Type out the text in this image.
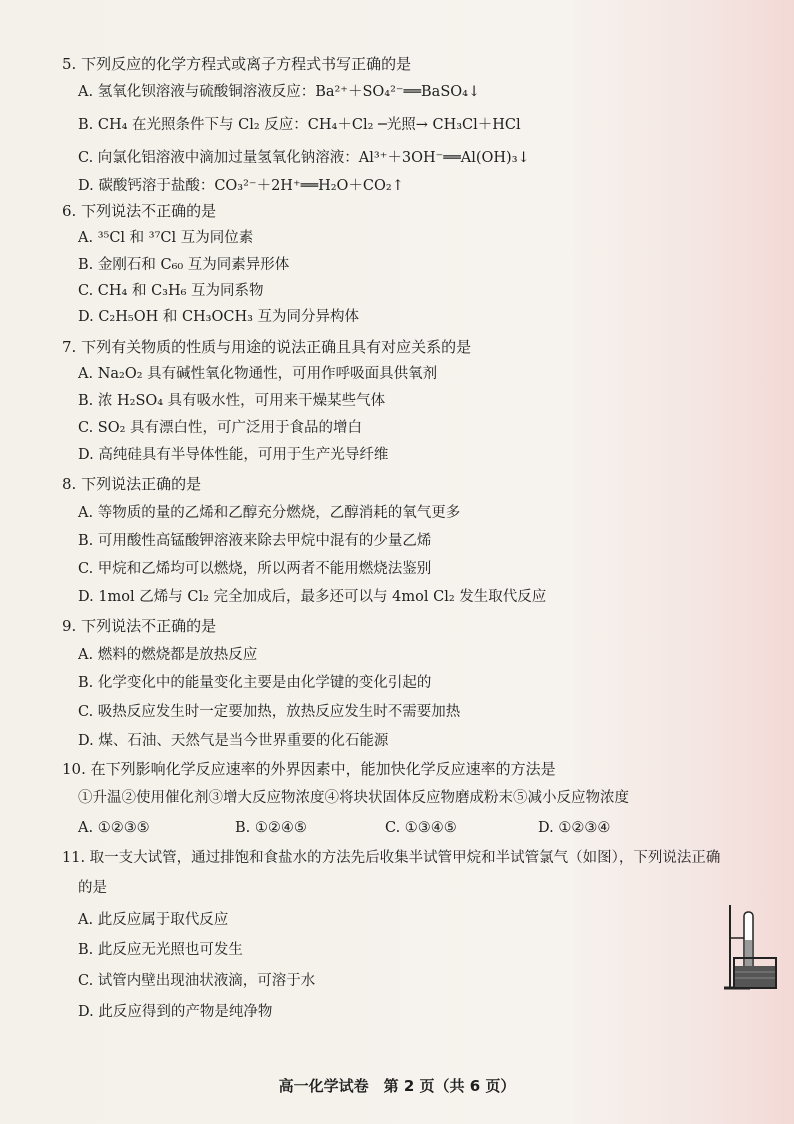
5. 下列反应的化学方程式或离子方程式书写正确的是
A. 氢氧化钡溶液与硫酸铜溶液反应：Ba²⁺＋SO₄²⁻══BaSO₄↓
B. CH₄ 在光照条件下与 Cl₂ 反应：CH₄＋Cl₂ ─光照→ CH₃Cl＋HCl
C. 向氯化铝溶液中滴加过量氢氧化钠溶液：Al³⁺＋3OH⁻══Al(OH)₃↓
D. 碳酸钙溶于盐酸：CO₃²⁻＋2H⁺══H₂O＋CO₂↑
6. 下列说法不正确的是
A. ³⁵Cl 和 ³⁷Cl 互为同位素
B. 金刚石和 C₆₀ 互为同素异形体
C. CH₄ 和 C₃H₆ 互为同系物
D. C₂H₅OH 和 CH₃OCH₃ 互为同分异构体
7. 下列有关物质的性质与用途的说法正确且具有对应关系的是
A. Na₂O₂ 具有碱性氧化物通性，可用作呼吸面具供氧剂
B. 浓 H₂SO₄ 具有吸水性，可用来干燥某些气体
C. SO₂ 具有漂白性，可广泛用于食品的增白
D. 高纯硅具有半导体性能，可用于生产光导纤维
8. 下列说法正确的是
A. 等物质的量的乙烯和乙醇充分燃烧，乙醇消耗的氧气更多
B. 可用酸性高锰酸钾溶液来除去甲烷中混有的少量乙烯
C. 甲烷和乙烯均可以燃烧，所以两者不能用燃烧法鉴别
D. 1mol 乙烯与 Cl₂ 完全加成后，最多还可以与 4mol Cl₂ 发生取代反应
9. 下列说法不正确的是
A. 燃料的燃烧都是放热反应
B. 化学变化中的能量变化主要是由化学键的变化引起的
C. 吸热反应发生时一定要加热，放热反应发生时不需要加热
D. 煤、石油、天然气是当今世界重要的化石能源
10. 在下列影响化学反应速率的外界因素中，能加快化学反应速率的方法是
①升温②使用催化剂③增大反应物浓度④将块状固体反应物磨成粉末⑤减小反应物浓度
A. ①②③⑤	B. ①②④⑤	C. ①③④⑤	D. ①②③④
11. 取一支大试管，通过排饱和食盐水的方法先后收集半试管甲烷和半试管氯气（如图），下列说法正确
的是
A. 此反应属于取代反应
B. 此反应无光照也可发生
C. 试管内壁出现油状液滴，可溶于水
D. 此反应得到的产物是纯净物
高一化学试卷　第 2 页（共 6 页）
